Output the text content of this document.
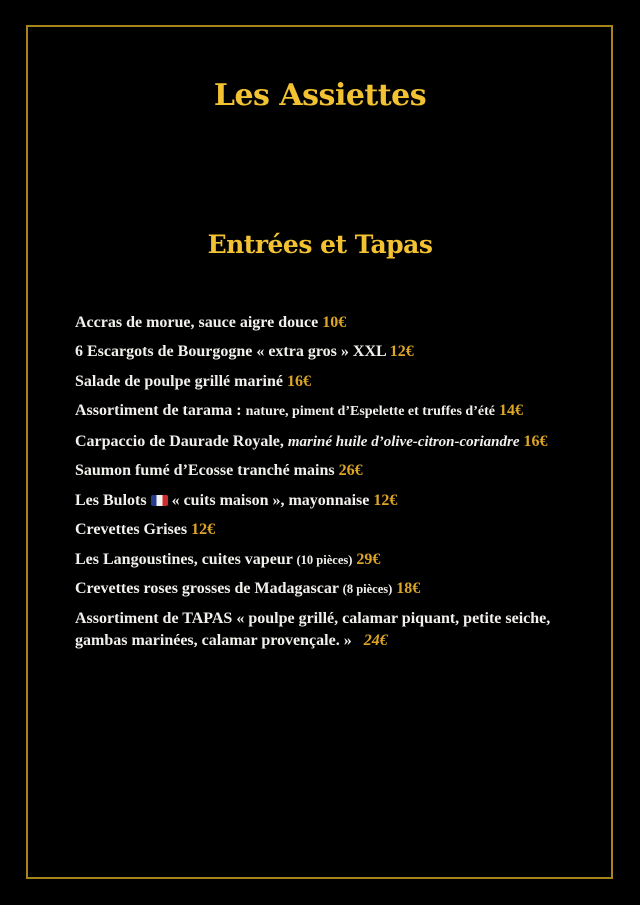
Les Assiettes
Entrées et Tapas
Accras de morue, sauce aigre douce 10€
6 Escargots de Bourgogne « extra gros » XXL 12€
Salade de poulpe grillé mariné 16€
Assortiment de tarama : nature, piment d’Espelette et truffes d’été 14€
Carpaccio de Daurade Royale, mariné huile d’olive-citron-coriandre 16€
Saumon fumé d’Ecosse tranché mains 26€
Les Bulots « cuits maison », mayonnaise 12€
Crevettes Grises 12€
Les Langoustines, cuites vapeur (10 pièces) 29€
Crevettes roses grosses de Madagascar (8 pièces) 18€
Assortiment de TAPAS « poulpe grillé, calamar piquant, petite seiche,
gambas marinées, calamar provençale. » 24€
